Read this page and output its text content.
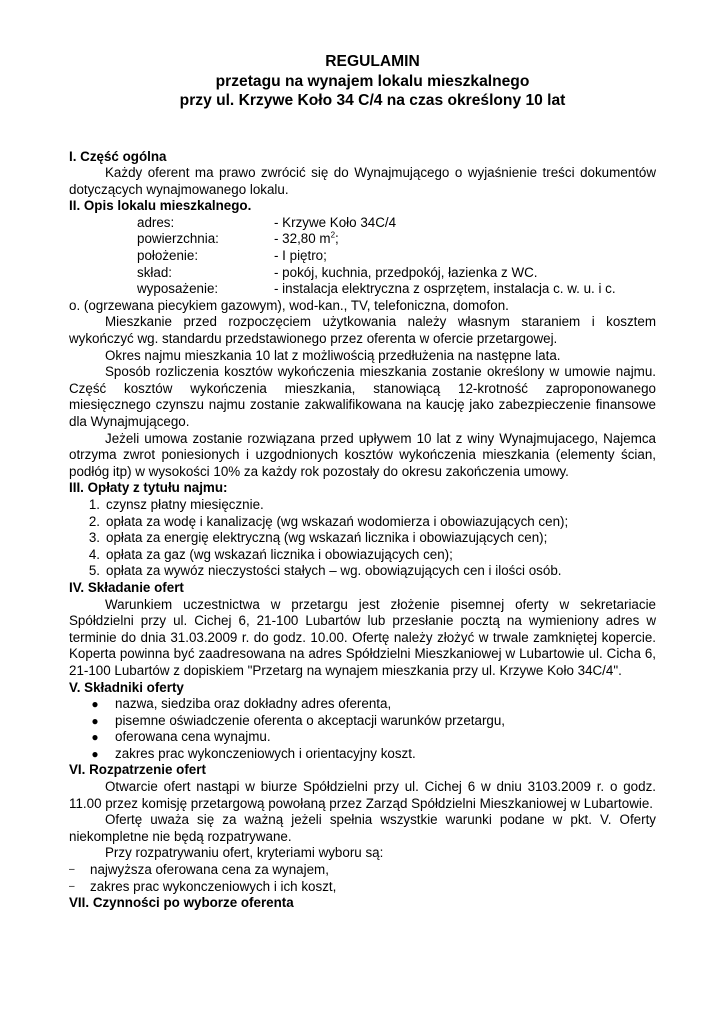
REGULAMIN

przetagu na wynajem lokalu mieszkalnego

przy ul. Krzywe Koło 34 C/4 na czas określony 10 lat

I. Część ogólna

Każdy oferent ma prawo zwrócić się do Wynajmującego o wyjaśnienie treści dokumentów dotyczących wynajmowanego lokalu.

II. Opis lokalu mieszkalnego.

adres:	- Krzywe Koło 34C/4
powierzchnia:	- 32,80 $m^2$;
położenie:	- I piętro;
skład:	- pokój, kuchnia, przedpokój, łazienka z WC.
wyposażenie:	- instalacja elektryczna z osprzętem, instalacja c. w. u. i c.

o. (ogrzewana piecykiem gazowym), wod-kan., TV, telefoniczna, domofon.

Mieszkanie przed rozpoczęciem użytkowania należy własnym staraniem i kosztem wykończyć wg. standardu przedstawionego przez oferenta w ofercie przetargowej.

Okres najmu mieszkania 10 lat z możliwością przedłużenia na następne lata.

Sposób rozliczenia kosztów wykończenia mieszkania zostanie określony w umowie najmu. Część kosztów wykończenia mieszkania, stanowiącą 12-krotność zaproponowanego miesięcznego czynszu najmu zostanie zakwalifikowana na kaucję jako zabezpieczenie finansowe dla Wynajmującego.

Jeżeli umowa zostanie rozwiązana przed upływem 10 lat z winy Wynajmujacego, Najemca otrzyma zwrot poniesionych i uzgodnionych kosztów wykończenia mieszkania (elementy ścian, podłóg itp) w wysokości 10% za każdy rok pozostały do okresu zakończenia umowy.

III. Opłaty z tytułu najmu:

1. czynsz płatny miesięcznie.
2. opłata za wodę i kanalizację (wg wskazań wodomierza i obowiazujących cen);
3. opłata za energię elektryczną (wg wskazań licznika i obowiazujących cen);
4. opłata za gaz (wg wskazań licznika i obowiazujących cen);
5. opłata za wywóz nieczystości stałych – wg. obowiązujących cen i ilości osób.

IV. Składanie ofert

Warunkiem uczestnictwa w przetargu jest złożenie pisemnej oferty w sekretariacie Spółdzielni przy ul. Cichej 6, 21-100 Lubartów lub przesłanie pocztą na wymieniony adres w terminie do dnia 31.03.2009 r. do godz. 10.00. Ofertę należy złożyć w trwale zamkniętej kopercie. Koperta powinna być zaadresowana na adres Spółdzielni Mieszkaniowej w Lubartowie ul. Cicha 6, 21-100 Lubartów z dopiskiem "Przetarg na wynajem mieszkania przy ul. Krzywe Koło 34C/4".

V. Składniki oferty

●	nazwa, siedziba oraz dokładny adres oferenta,
●	pisemne oświadczenie oferenta o akceptacji warunków przetargu,
●	oferowana cena wynajmu.
●	zakres prac wykonczeniowych i orientacyjny koszt.

VI. Rozpatrzenie ofert

Otwarcie ofert nastąpi w biurze Spółdzielni przy ul. Cichej 6 w dniu 3103.2009 r. o godz. 11.00 przez komisję przetargową powołaną przez Zarząd Spółdzielni Mieszkaniowej w Lubartowie.

Ofertę uważa się za ważną jeżeli spełnia wszystkie warunki podane w pkt. V. Oferty niekompletne nie będą rozpatrywane.

Przy rozpatrywaniu ofert, kryteriami wyboru są:

–	najwyższa oferowana cena za wynajem,
–	zakres prac wykonczeniowych i ich koszt,

VII. Czynności po wyborze oferenta
